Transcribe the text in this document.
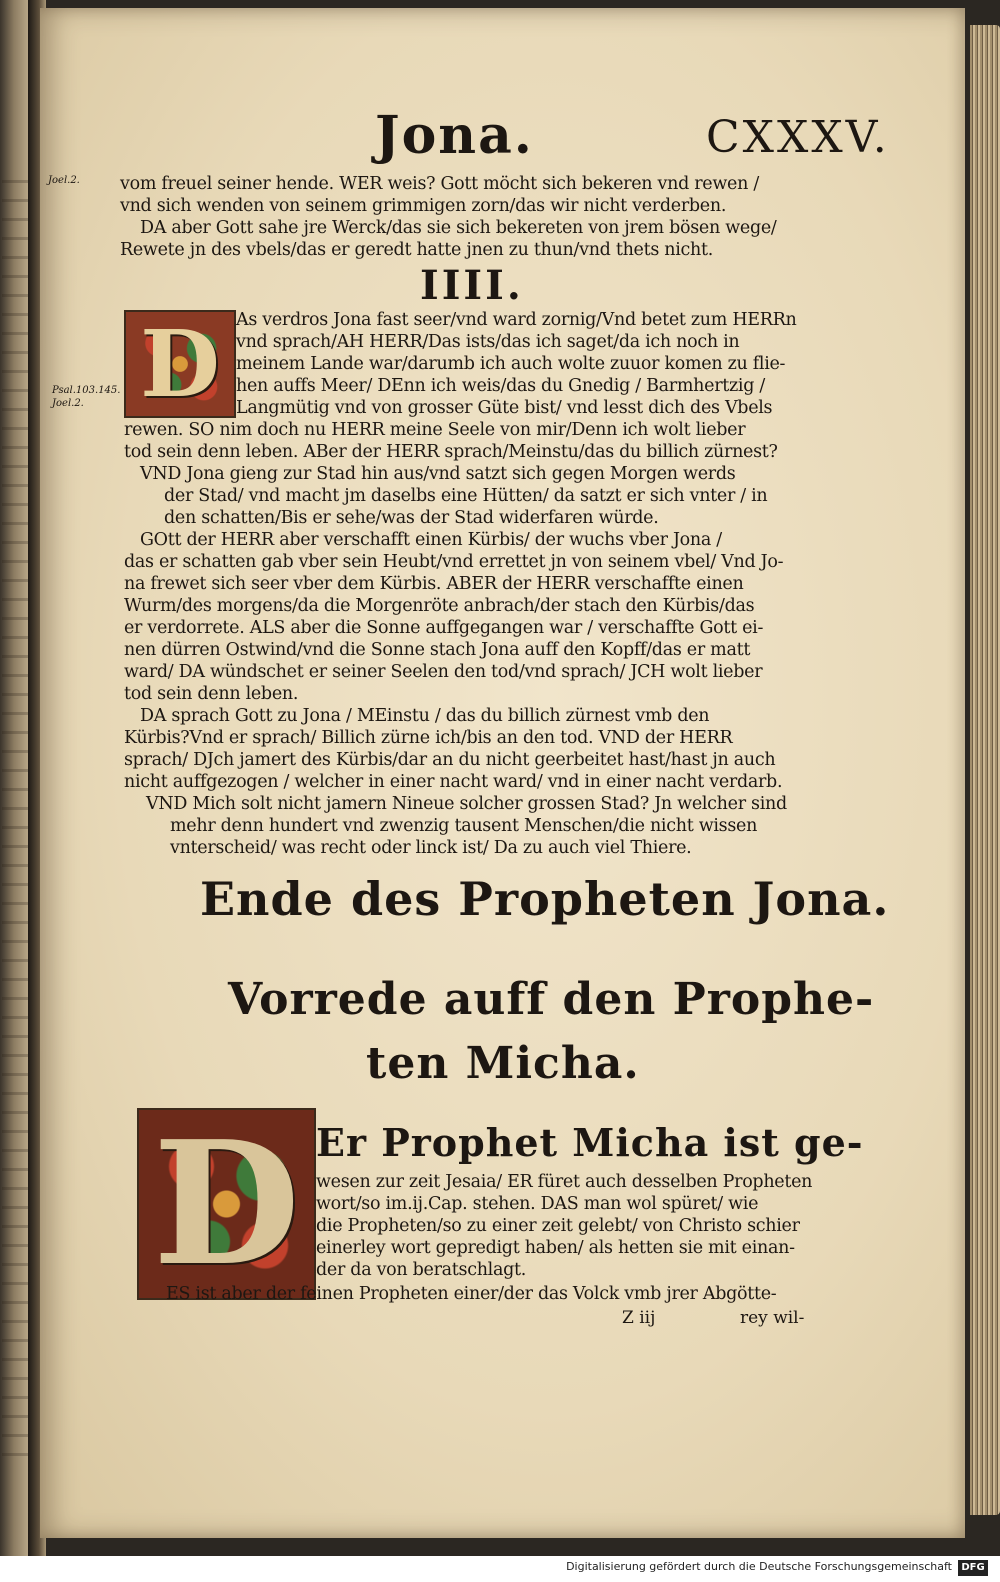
Jona.	CXXXV.
Joel.2.
Psal.103.145.
Joel.2.
vom freuel seiner hende. WER weis? Gott möcht sich bekeren vnd rewen /
vnd sich wenden von seinem grimmigen zorn/das wir nicht verderben.
DA aber Gott sahe jre Werck/das sie sich bekereten von jrem bösen wege/
Rewete jn des vbels/das er geredt hatte jnen zu thun/vnd thets nicht.
IIII.
D As verdros Jona fast seer/vnd ward zornig/Vnd betet zum HERRn
vnd sprach/AH HERR/Das ists/das ich saget/da ich noch in
meinem Lande war/darumb ich auch wolte zuuor komen zu flie-
hen auffs Meer/ DEnn ich weis/das du Gnedig / Barmhertzig /
Langmütig vnd von grosser Güte bist/ vnd lesst dich des Vbels
rewen. SO nim doch nu HERR meine Seele von mir/Denn ich wolt lieber
tod sein denn leben. ABer der HERR sprach/Meinstu/das du billich zürnest?
VND Jona gieng zur Stad hin aus/vnd satzt sich gegen Morgen werds
der Stad/ vnd macht jm daselbs eine Hütten/ da satzt er sich vnter / in
den schatten/Bis er sehe/was der Stad widerfaren würde.
GOtt der HERR aber verschafft einen Kürbis/ der wuchs vber Jona /
das er schatten gab vber sein Heubt/vnd errettet jn von seinem vbel/ Vnd Jo-
na frewet sich seer vber dem Kürbis. ABER der HERR verschaffte einen
Wurm/des morgens/da die Morgenröte anbrach/der stach den Kürbis/das
er verdorrete. ALS aber die Sonne auffgegangen war / verschaffte Gott ei-
nen dürren Ostwind/vnd die Sonne stach Jona auff den Kopff/das er matt
ward/ DA wündschet er seiner Seelen den tod/vnd sprach/ JCH wolt lieber
tod sein denn leben.
DA sprach Gott zu Jona / MEinstu / das du billich zürnest vmb den
Kürbis?Vnd er sprach/ Billich zürne ich/bis an den tod. VND der HERR
sprach/ DJch jamert des Kürbis/dar an du nicht geerbeitet hast/hast jn auch
nicht auffgezogen / welcher in einer nacht ward/ vnd in einer nacht verdarb.
VND Mich solt nicht jamern Nineue solcher grossen Stad? Jn welcher sind
mehr denn hundert vnd zwenzig tausent Menschen/die nicht wissen
vnterscheid/ was recht oder linck ist/ Da zu auch viel Thiere.
Ende des Propheten Jona.
Vorrede auff den Prophe-
ten Micha.
D Er Prophet Micha ist ge-
wesen zur zeit Jesaia/ ER füret auch desselben Propheten
wort/so im.ij.Cap. stehen. DAS man wol spüret/ wie
die Propheten/so zu einer zeit gelebt/ von Christo schier
einerley wort gepredigt haben/ als hetten sie mit einan-
der da von beratschlagt.
ES ist aber der feinen Propheten einer/der das Volck vmb jrer Abgötte-
Z iij	rey wil-
Digitalisierung gefördert durch die Deutsche Forschungsgemeinschaft DFG
